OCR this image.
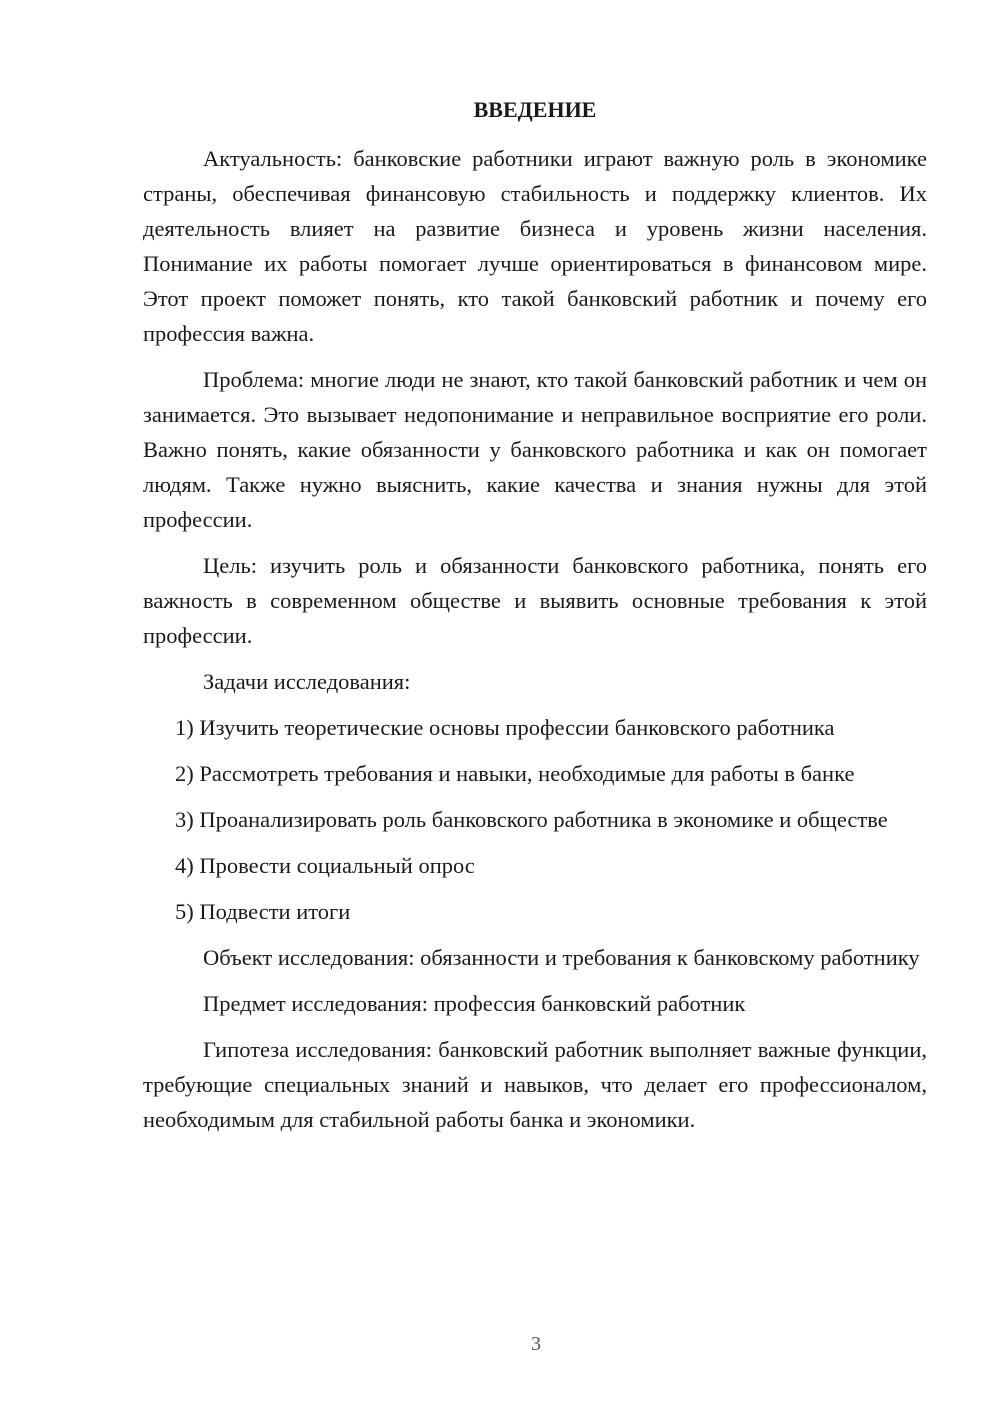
ВВЕДЕНИЕ

Актуальность: банковские работники играют важную роль в экономике страны, обеспечивая финансовую стабильность и поддержку клиентов. Их деятельность влияет на развитие бизнеса и уровень жизни населения. Понимание их работы помогает лучше ориентироваться в финансовом мире. Этот проект поможет понять, кто такой банковский работник и почему его профессия важна.

Проблема: многие люди не знают, кто такой банковский работник и чем он занимается. Это вызывает недопонимание и неправильное восприятие его роли. Важно понять, какие обязанности у банковского работника и как он помогает людям. Также нужно выяснить, какие качества и знания нужны для этой профессии.

Цель: изучить роль и обязанности банковского работника, понять его важность в современном обществе и выявить основные требования к этой профессии.

Задачи исследования:

1) Изучить теоретические основы профессии банковского работника

2) Рассмотреть требования и навыки, необходимые для работы в банке

3) Проанализировать роль банковского работника в экономике и обществе

4) Провести социальный опрос

5) Подвести итоги

Объект исследования: обязанности и требования к банковскому работнику

Предмет исследования: профессия банковский работник

Гипотеза исследования: банковский работник выполняет важные функции, требующие специальных знаний и навыков, что делает его профессионалом, необходимым для стабильной работы банка и экономики.

3
